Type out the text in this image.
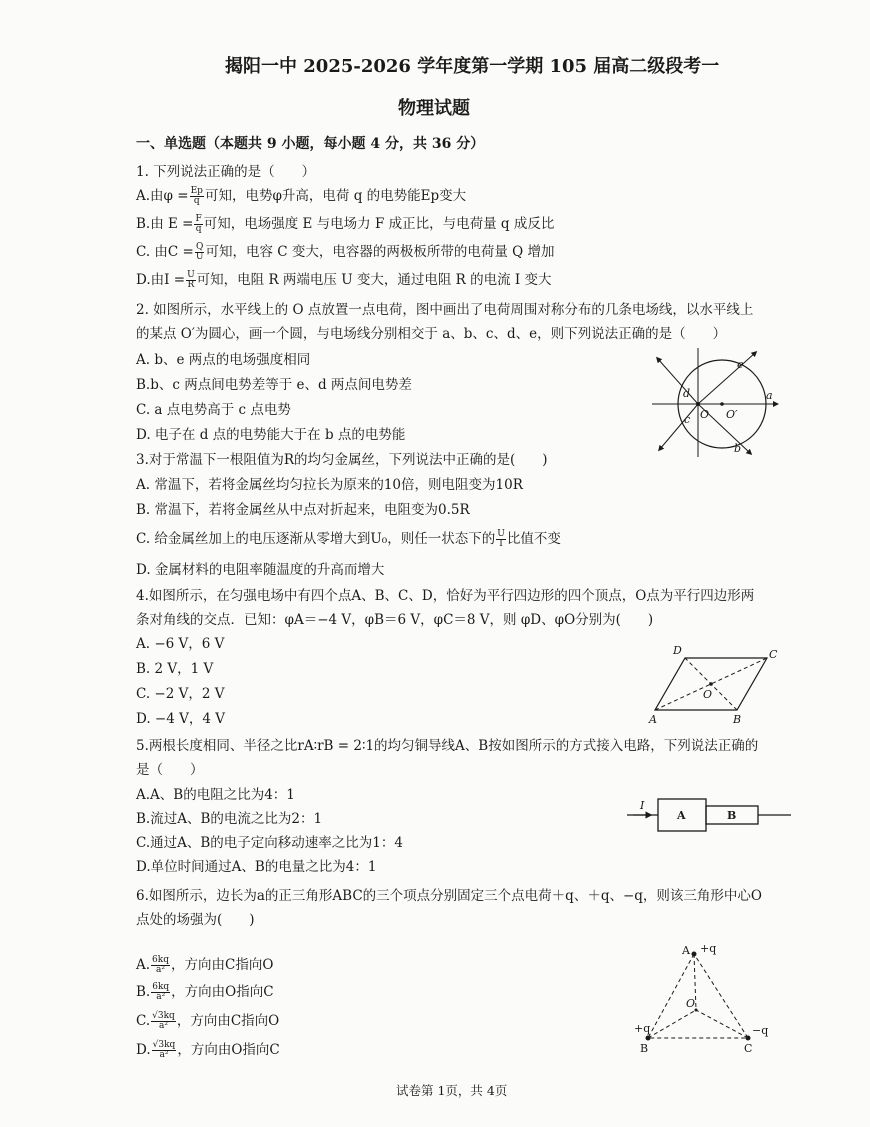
揭阳一中 2025-2026 学年度第一学期 105 届高二级段考一
物理试题
一、单选题（本题共 9 小题，每小题 4 分，共 36 分）
1. 下列说法正确的是（　　）
A.由$\varphi = \frac{Ep}{q}$ 可知，电势φ升高，电荷 q 的电势能Ep变大
B.由 $E = \frac{F}{q}$ 可知，电场强度 E 与电场力 F 成正比，与电荷量 q 成反比
C. 由$C = \frac{Q}{U}$ 可知，电容 C 变大，电容器的两极板所带的电荷量 Q 增加
D.由$I = \frac{U}{R}$ 可知，电阻 R 两端电压 U 变大，通过电阻 R 的电流 I 变大
2. 如图所示，水平线上的 O 点放置一点电荷，图中画出了电荷周围对称分布的几条电场线，以水平线上
的某点 O′为圆心，画一个圆，与电场线分别相交于 a、b、c、d、e，则下列说法正确的是（　　）
A. b、e 两点的电场强度相同
B.b、c 两点间电势差等于 e、d 两点间电势差
C. a 点电势高于 c 点电势
D. 电子在 d 点的电势能大于在 b 点的电势能
e
d
O O′
a
c
b
3.对于常温下一根阻值为R的均匀金属丝，下列说法中正确的是(　　)
A. 常温下，若将金属丝均匀拉长为原来的10倍，则电阻变为10R
B. 常温下，若将金属丝从中点对折起来，电阻变为0.5R
C. 给金属丝加上的电压逐渐从零增大到U₀，则任一状态下的 $\frac{U}{I}$ 比值不变
D. 金属材料的电阻率随温度的升高而增大
4.如图所示，在匀强电场中有四个点A、B、C、D，恰好为平行四边形的四个顶点，O点为平行四边形两
条对角线的交点．已知：φA＝−4 V，φB＝6 V，φC＝8 V，则 φD、φO分别为(　　)
A. −6 V，6 V
B. 2 V，1 V
C. −2 V，2 V
D. −4 V，4 V	A	B
C
D
O
5.两根长度相同、半径之比rA∶rB = 2∶1的均匀铜导线A、B按如图所示的方式接入电路，下列说法正确的
是（　　）
A.A、B的电阻之比为4：1
B.流过A、B的电流之比为2：1
C.通过A、B的电子定向移动速率之比为1：4
D.单位时间通过A、B的电量之比为4：1
I
A	B
6.如图所示，边长为a的正三角形ABC的三个项点分别固定三个点电荷＋q、＋q、−q，则该三角形中心O
点处的场强为(　　)
A. $\frac{6kq}{\text{a²}}$ ，方向由C指向O
B. $\frac{6kq}{\text{a²}}$ ，方向由O指向C
C. $\frac{√3kq}{\text{a²}}$ ，方向由C指向O
D. $\frac{√3kq}{\text{a²}}$ ，方向由O指向C
A +q
B
+q
C
−q
O
试卷第 1页，共 4页
